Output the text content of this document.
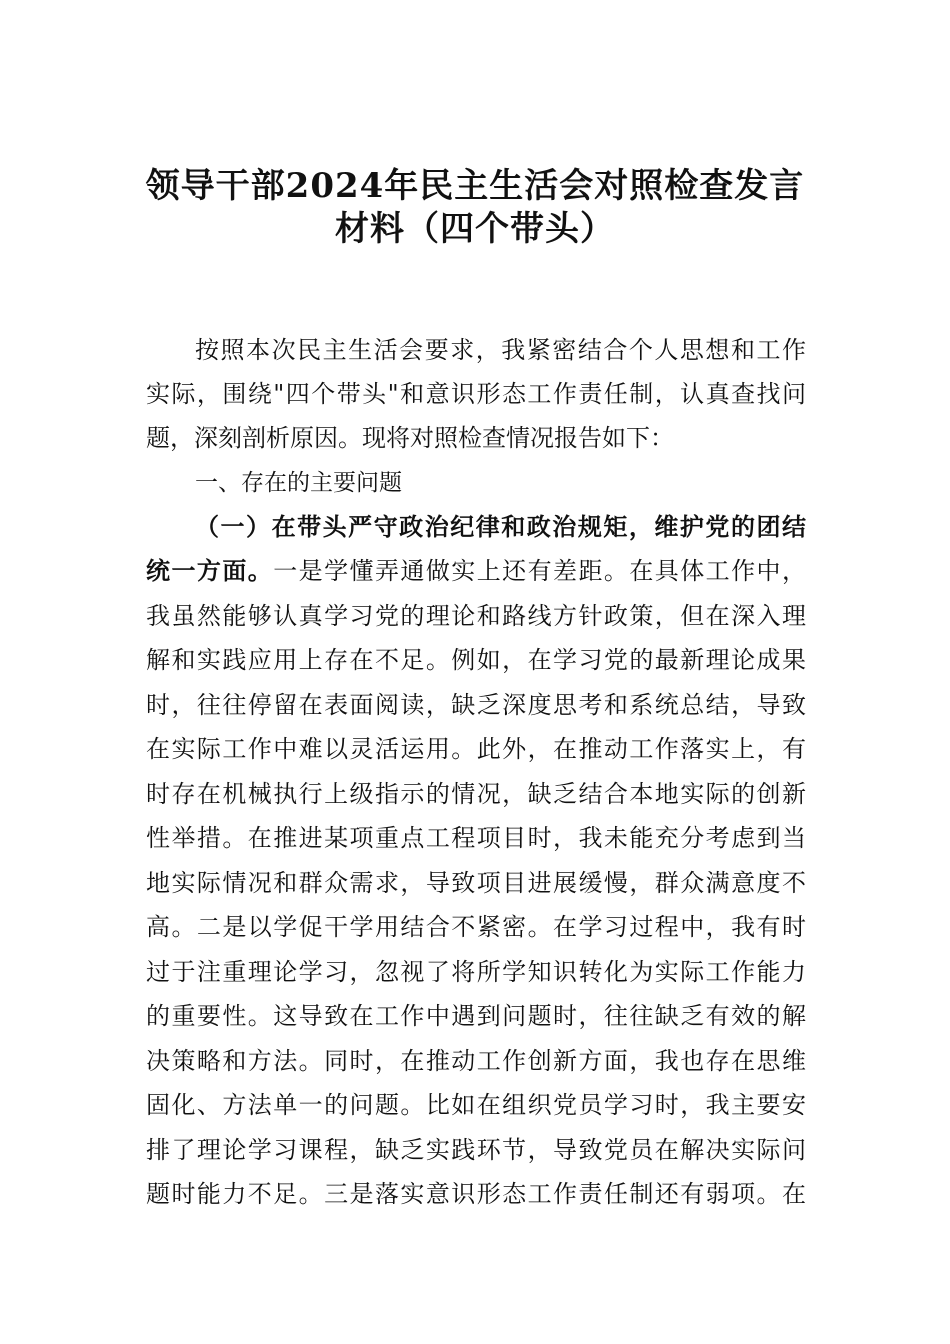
领导干部2024年民主生活会对照检查发言
材料（四个带头）
按照本次民主生活会要求，我紧密结合个人思想和工作
实际，围绕"四个带头"和意识形态工作责任制，认真查找问
题，深刻剖析原因。现将对照检查情况报告如下：
一、存在的主要问题
（一）在带头严守政治纪律和政治规矩，维护党的团结
统一方面。一是学懂弄通做实上还有差距。在具体工作中，
我虽然能够认真学习党的理论和路线方针政策，但在深入理
解和实践应用上存在不足。例如，在学习党的最新理论成果
时，往往停留在表面阅读，缺乏深度思考和系统总结，导致
在实际工作中难以灵活运用。此外，在推动工作落实上，有
时存在机械执行上级指示的情况，缺乏结合本地实际的创新
性举措。在推进某项重点工程项目时，我未能充分考虑到当
地实际情况和群众需求，导致项目进展缓慢，群众满意度不
高。二是以学促干学用结合不紧密。在学习过程中，我有时
过于注重理论学习，忽视了将所学知识转化为实际工作能力
的重要性。这导致在工作中遇到问题时，往往缺乏有效的解
决策略和方法。同时，在推动工作创新方面，我也存在思维
固化、方法单一的问题。比如在组织党员学习时，我主要安
排了理论学习课程，缺乏实践环节，导致党员在解决实际问
题时能力不足。三是落实意识形态工作责任制还有弱项。在
